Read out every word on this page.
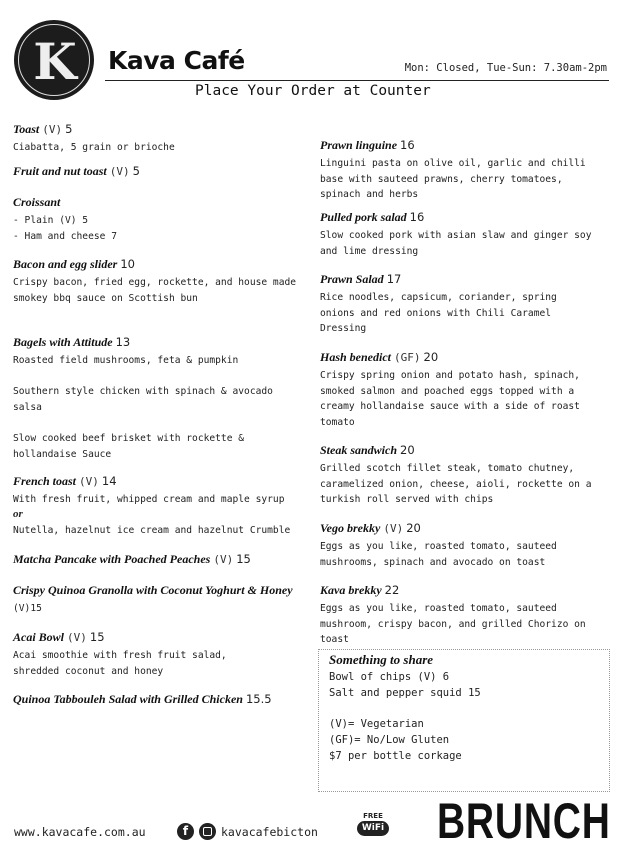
K	Kava Café	Mon: Closed, Tue-Sun: 7.30am-2pm
Place Your Order at Counter
Toast (V) 5
Ciabatta, 5 grain or brioche
Fruit and nut toast (V) 5
Croissant
- Plain (V) 5
- Ham and cheese 7
Bacon and egg slider 10
Crispy bacon, fried egg, rockette, and house made
smokey bbq sauce on Scottish bun
Bagels with Attitude 13
Roasted field mushrooms, feta & pumpkin
Southern style chicken with spinach & avocado
salsa
Slow cooked beef brisket with rockette &
hollandaise Sauce
French toast (V) 14
With fresh fruit, whipped cream and maple syrup
or
Nutella, hazelnut ice cream and hazelnut Crumble
Matcha Pancake with Poached Peaches (V) 15
Crispy Quinoa Granolla with Coconut Yoghurt & Honey
(V)15
Acai Bowl (V) 15
Acai smoothie with fresh fruit salad,
shredded coconut and honey
Quinoa Tabbouleh Salad with Grilled Chicken 15.5
Prawn linguine 16
Linguini pasta on olive oil, garlic and chilli
base with sauteed prawns, cherry tomatoes,
spinach and herbs
Pulled pork salad 16
Slow cooked pork with asian slaw and ginger soy
and lime dressing
Prawn Salad 17
Rice noodles, capsicum, coriander, spring
onions and red onions with Chili Caramel
Dressing
Hash benedict (GF) 20
Crispy spring onion and potato hash, spinach,
smoked salmon and poached eggs topped with a
creamy hollandaise sauce with a side of roast
tomato
Steak sandwich 20
Grilled scotch fillet steak, tomato chutney,
caramelized onion, cheese, aioli, rockette on a
turkish roll served with chips
Vego brekky (V) 20
Eggs as you like, roasted tomato, sauteed
mushrooms, spinach and avocado on toast
Kava brekky 22
Eggs as you like, roasted tomato, sauteed
mushroom, crispy bacon, and grilled Chorizo on
toast
Something to share
Bowl of chips (V) 6
Salt and pepper squid 15
(V)= Vegetarian
(GF)= No/Low Gluten
$7 per bottle corkage
www.kavacafe.com.au	f	kavacafebicton
FREE
WiFi BRUNCH
